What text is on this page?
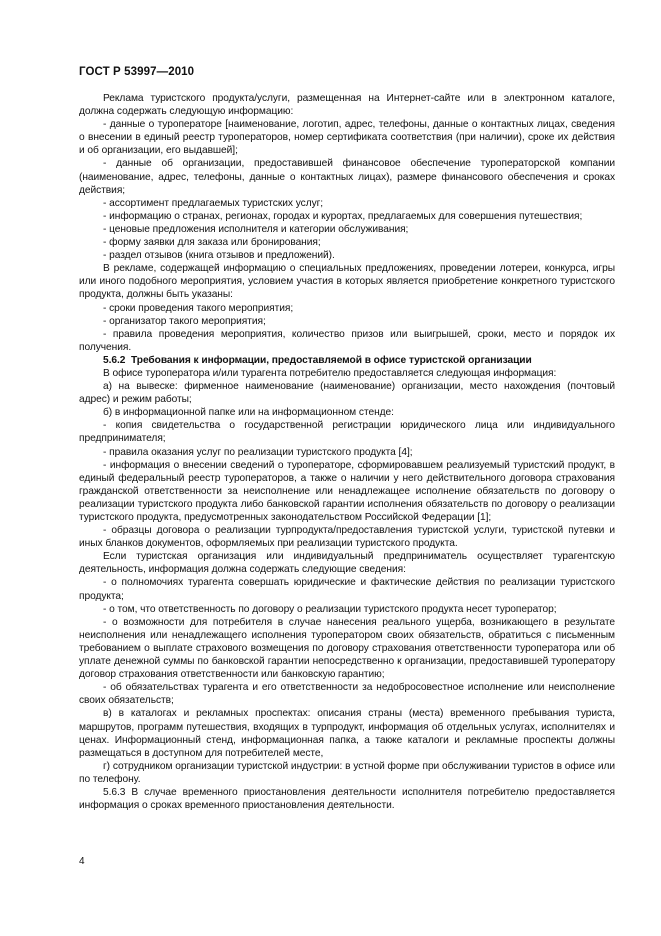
ГОСТ Р 53997—2010

Реклама туристского продукта/услуги, размещенная на Интернет-сайте или в электронном каталоге, должна содержать следующую информацию:

- данные о туроператоре [наименование, логотип, адрес, телефоны, данные о контактных лицах, сведения о внесении в единый реестр туроператоров, номер сертификата соответствия (при наличии), сроке их действия и об организации, его выдавшей];

- данные об организации, предоставившей финансовое обеспечение туроператорской компании (наименование, адрес, телефоны, данные о контактных лицах), размере финансового обеспечения и сроках действия;

- ассортимент предлагаемых туристских услуг;

- информацию о странах, регионах, городах и курортах, предлагаемых для совершения путешествия;

- ценовые предложения исполнителя и категории обслуживания;

- форму заявки для заказа или бронирования;

- раздел отзывов (книга отзывов и предложений).

В рекламе, содержащей информацию о специальных предложениях, проведении лотереи, конкурса, игры или иного подобного мероприятия, условием участия в которых является приобретение конкретного туристского продукта, должны быть указаны:

- сроки проведения такого мероприятия;

- организатор такого мероприятия;

- правила проведения мероприятия, количество призов или выигрышей, сроки, место и порядок их получения.

5.6.2 Требования к информации, предоставляемой в офисе туристской организации

В офисе туроператора и/или турагента потребителю предоставляется следующая информация:

а) на вывеске: фирменное наименование (наименование) организации, место нахождения (почтовый адрес) и режим работы;

б) в информационной папке или на информационном стенде:

- копия свидетельства о государственной регистрации юридического лица или индивидуального предпринимателя;

- правила оказания услуг по реализации туристского продукта [4];

- информация о внесении сведений о туроператоре, сформировавшем реализуемый туристский продукт, в единый федеральный реестр туроператоров, а также о наличии у него действительного договора страхования гражданской ответственности за неисполнение или ненадлежащее исполнение обязательств по договору о реализации туристского продукта либо банковской гарантии исполнения обязательств по договору о реализации туристского продукта, предусмотренных законодательством Российской Федерации [1];

- образцы договора о реализации турпродукта/предоставления туристской услуги, туристской путевки и иных бланков документов, оформляемых при реализации туристского продукта.

Если туристская организация или индивидуальный предприниматель осуществляет турагентскую деятельность, информация должна содержать следующие сведения:

- о полномочиях турагента совершать юридические и фактические действия по реализации туристского продукта;

- о том, что ответственность по договору о реализации туристского продукта несет туроператор;

- о возможности для потребителя в случае нанесения реального ущерба, возникающего в результате неисполнения или ненадлежащего исполнения туроператором своих обязательств, обратиться с письменным требованием о выплате страхового возмещения по договору страхования ответственности туроператора или об уплате денежной суммы по банковской гарантии непосредственно к организации, предоставившей туроператору договор страхования ответственности или банковскую гарантию;

- об обязательствах турагента и его ответственности за недобросовестное исполнение или неисполнение своих обязательств;

в) в каталогах и рекламных проспектах: описания страны (места) временного пребывания туриста, маршрутов, программ путешествия, входящих в турпродукт, информация об отдельных услугах, исполнителях и ценах. Информационный стенд, информационная папка, а также каталоги и рекламные проспекты должны размещаться в доступном для потребителей месте,

г) сотрудником организации туристской индустрии: в устной форме при обслуживании туристов в офисе или по телефону.

5.6.3 В случае временного приостановления деятельности исполнителя потребителю предоставляется информация о сроках временного приостановления деятельности.

4
